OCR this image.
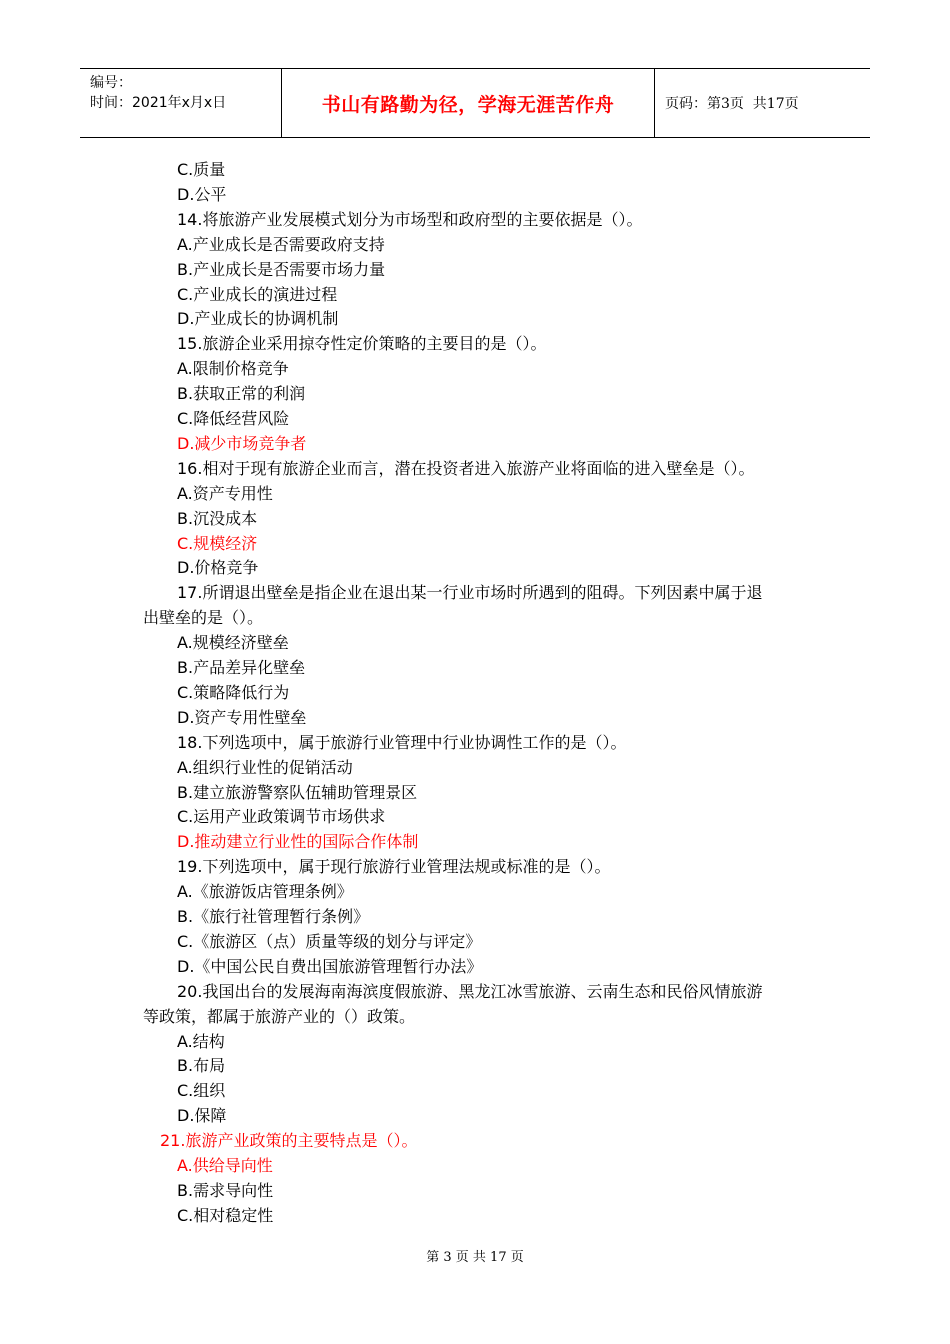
编号：
时间：2021年x月x日	书山有路勤为径，学海无涯苦作舟	页码：第3页  共17页
C.质量
D.公平
14.将旅游产业发展模式划分为市场型和政府型的主要依据是（）。
A.产业成长是否需要政府支持
B.产业成长是否需要市场力量
C.产业成长的演进过程
D.产业成长的协调机制
15.旅游企业采用掠夺性定价策略的主要目的是（）。
A.限制价格竞争
B.获取正常的利润
C.降低经营风险
D.减少市场竞争者
16.相对于现有旅游企业而言，潜在投资者进入旅游产业将面临的进入壁垒是（）。
A.资产专用性
B.沉没成本
C.规模经济
D.价格竞争
17.所谓退出壁垒是指企业在退出某一行业市场时所遇到的阻碍。下列因素中属于退
出壁垒的是（）。
A.规模经济壁垒
B.产品差异化壁垒
C.策略降低行为
D.资产专用性壁垒
18.下列选项中，属于旅游行业管理中行业协调性工作的是（）。
A.组织行业性的促销活动
B.建立旅游警察队伍辅助管理景区
C.运用产业政策调节市场供求
D.推动建立行业性的国际合作体制
19.下列选项中，属于现行旅游行业管理法规或标准的是（）。
A.《旅游饭店管理条例》
B.《旅行社管理暂行条例》
C.《旅游区（点）质量等级的划分与评定》
D.《中国公民自费出国旅游管理暂行办法》
20.我国出台的发展海南海滨度假旅游、黑龙江冰雪旅游、云南生态和民俗风情旅游
等政策，都属于旅游产业的（）政策。
A.结构
B.布局
C.组织
D.保障
21.旅游产业政策的主要特点是（）。
A.供给导向性
B.需求导向性
C.相对稳定性
第 3 页 共 17 页
